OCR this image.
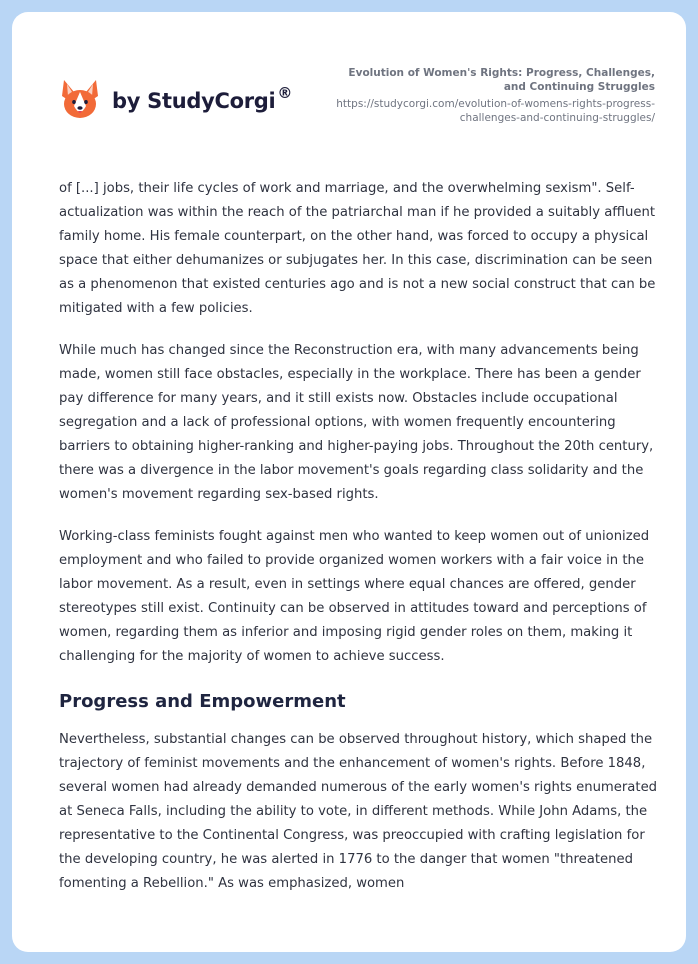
by StudyCorgi ®
Evolution of Women's Rights: Progress, Challenges, and Continuing Struggles
https://studycorgi.com/evolution-of-womens-rights-progress-challenges-and-continuing-struggles/

of [...] jobs, their life cycles of work and marriage, and the overwhelming sexism". Self-actualization was within the reach of the patriarchal man if he provided a suitably affluent family home. His female counterpart, on the other hand, was forced to occupy a physical space that either dehumanizes or subjugates her. In this case, discrimination can be seen as a phenomenon that existed centuries ago and is not a new social construct that can be mitigated with a few policies.

While much has changed since the Reconstruction era, with many advancements being made, women still face obstacles, especially in the workplace. There has been a gender pay difference for many years, and it still exists now. Obstacles include occupational segregation and a lack of professional options, with women frequently encountering barriers to obtaining higher-ranking and higher-paying jobs. Throughout the 20th century, there was a divergence in the labor movement's goals regarding class solidarity and the women's movement regarding sex-based rights.

Working-class feminists fought against men who wanted to keep women out of unionized employment and who failed to provide organized women workers with a fair voice in the labor movement. As a result, even in settings where equal chances are offered, gender stereotypes still exist. Continuity can be observed in attitudes toward and perceptions of women, regarding them as inferior and imposing rigid gender roles on them, making it challenging for the majority of women to achieve success.

Progress and Empowerment

Nevertheless, substantial changes can be observed throughout history, which shaped the trajectory of feminist movements and the enhancement of women's rights. Before 1848, several women had already demanded numerous of the early women's rights enumerated at Seneca Falls, including the ability to vote, in different methods. While John Adams, the representative to the Continental Congress, was preoccupied with crafting legislation for the developing country, he was alerted in 1776 to the danger that women "threatened fomenting a Rebellion." As was emphasized, women
